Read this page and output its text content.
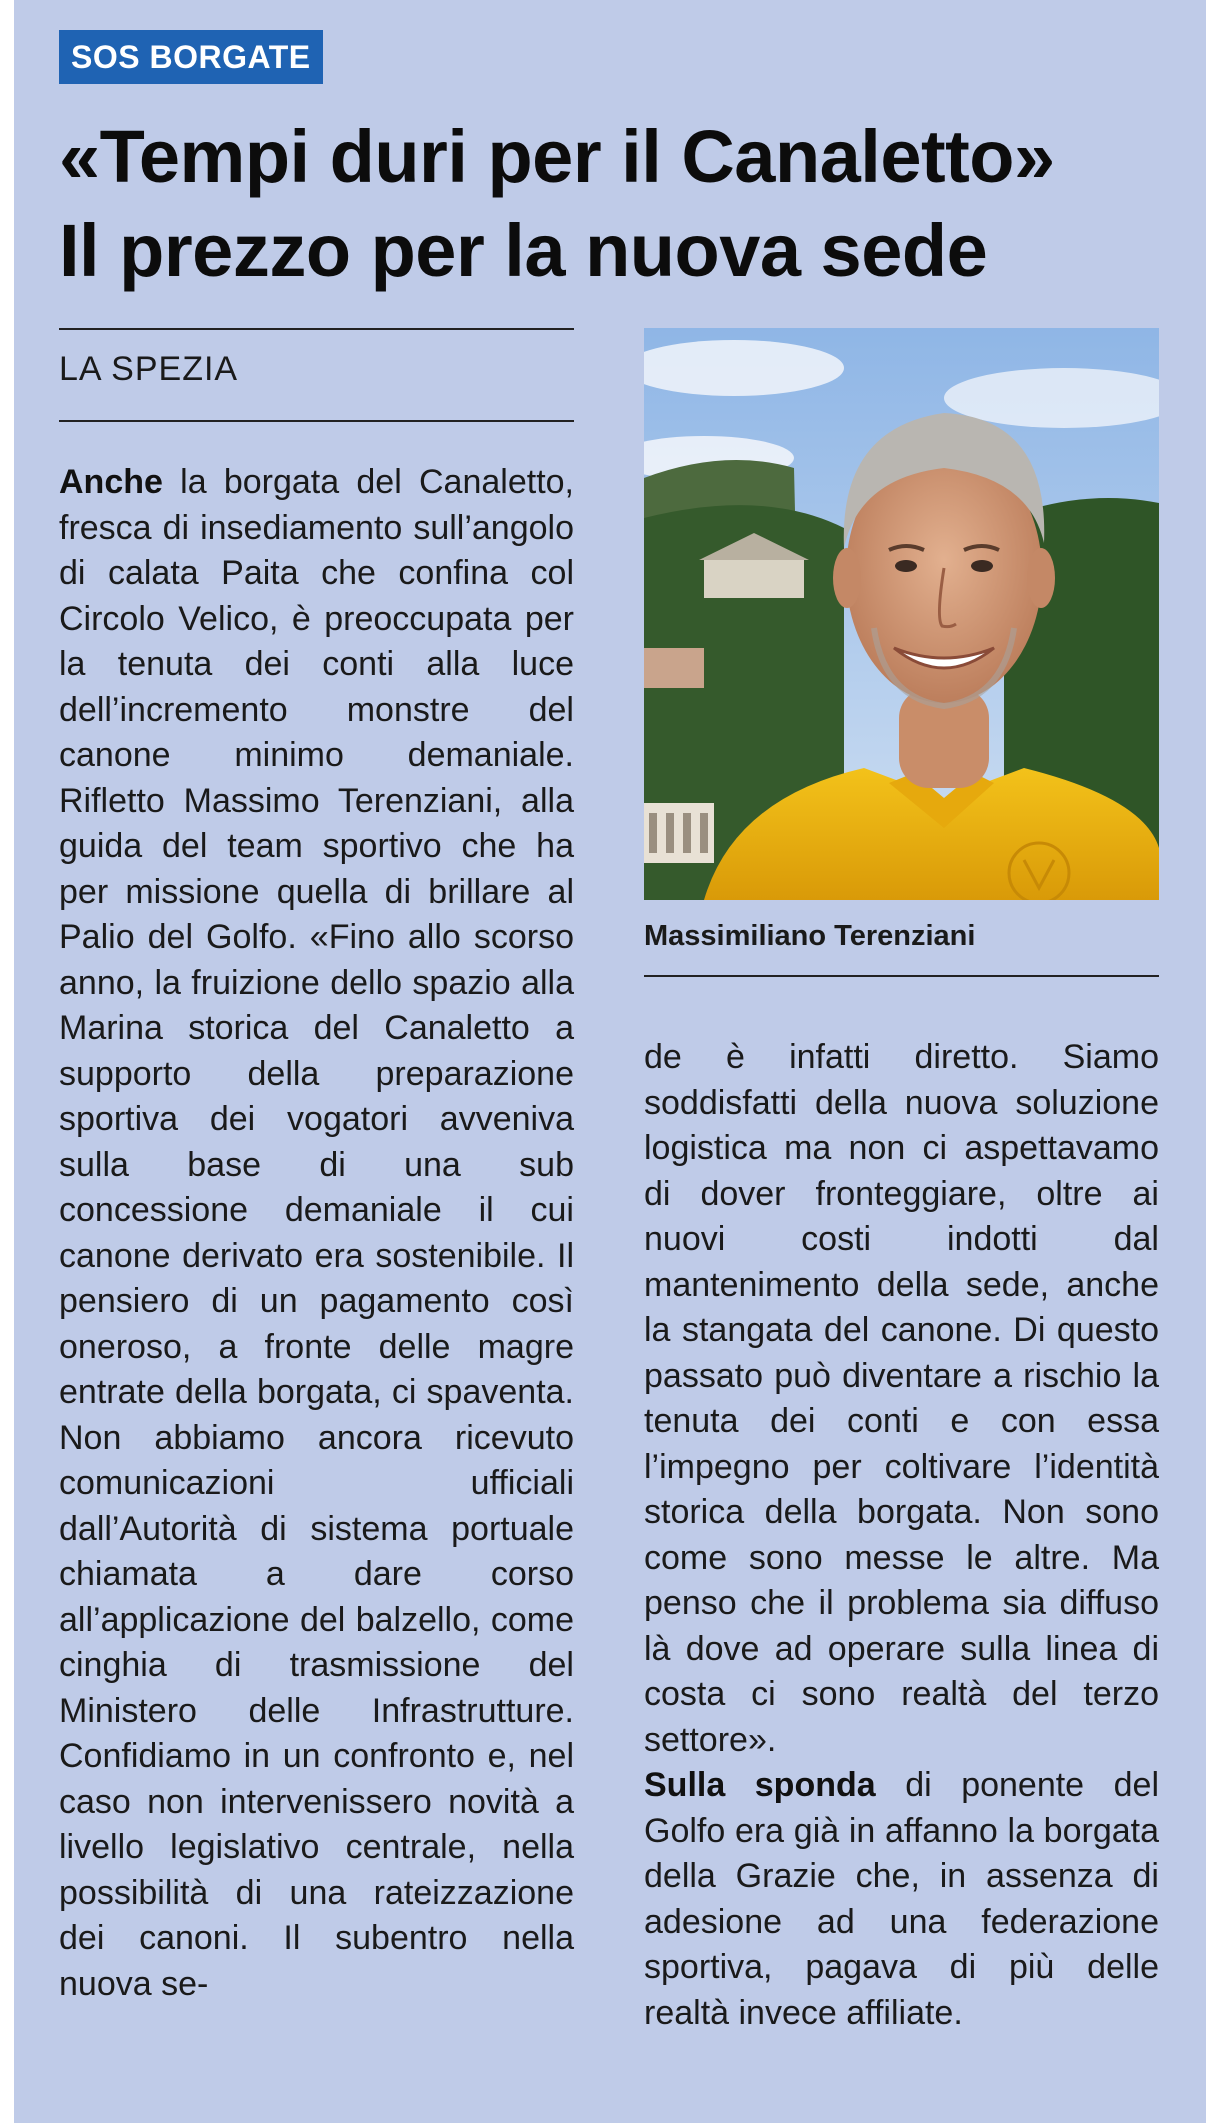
SOS BORGATE
«Tempi duri per il Canaletto»
Il prezzo per la nuova sede
LA SPEZIA

Anche la borgata del Canaletto, fresca di insediamento sull’angolo di calata Paita che confina col Circolo Velico, è preoccupata per la tenuta dei conti alla luce dell’incremento monstre del canone minimo demaniale. Rifletto Massimo Terenziani, alla guida del team sportivo che ha per missione quella di brillare al Palio del Golfo. «Fino allo scorso anno, la fruizione dello spazio alla Marina storica del Canaletto a supporto della preparazione sportiva dei vogatori avveniva sulla base di una sub concessione demaniale il cui canone derivato era sostenibile. Il pensiero di un pagamento così oneroso, a fronte delle magre entrate della borgata, ci spaventa. Non abbiamo ancora ricevuto comunicazioni ufficiali dall’Autorità di sistema portuale chiamata a dare corso all’applicazione del balzello, come cinghia di trasmissione del Ministero delle Infrastrutture. Confidiamo in un confronto e, nel caso non intervenissero novità a livello legislativo centrale, nella possibilità di una rateizzazione dei canoni. Il subentro nella nuova se-

Massimiliano Terenziani

de è infatti diretto. Siamo soddisfatti della nuova soluzione logistica ma non ci aspettavamo di dover fronteggiare, oltre ai nuovi costi indotti dal mantenimento della sede, anche la stangata del canone. Di questo passato può diventare a rischio la tenuta dei conti e con essa l’impegno per coltivare l’identità storica della borgata. Non sono come sono messe le altre. Ma penso che il problema sia diffuso là dove ad operare sulla linea di costa ci sono realtà del terzo settore».
Sulla sponda di ponente del Golfo era già in affanno la borgata della Grazie che, in assenza di adesione ad una federazione sportiva, pagava di più delle realtà invece affiliate.
